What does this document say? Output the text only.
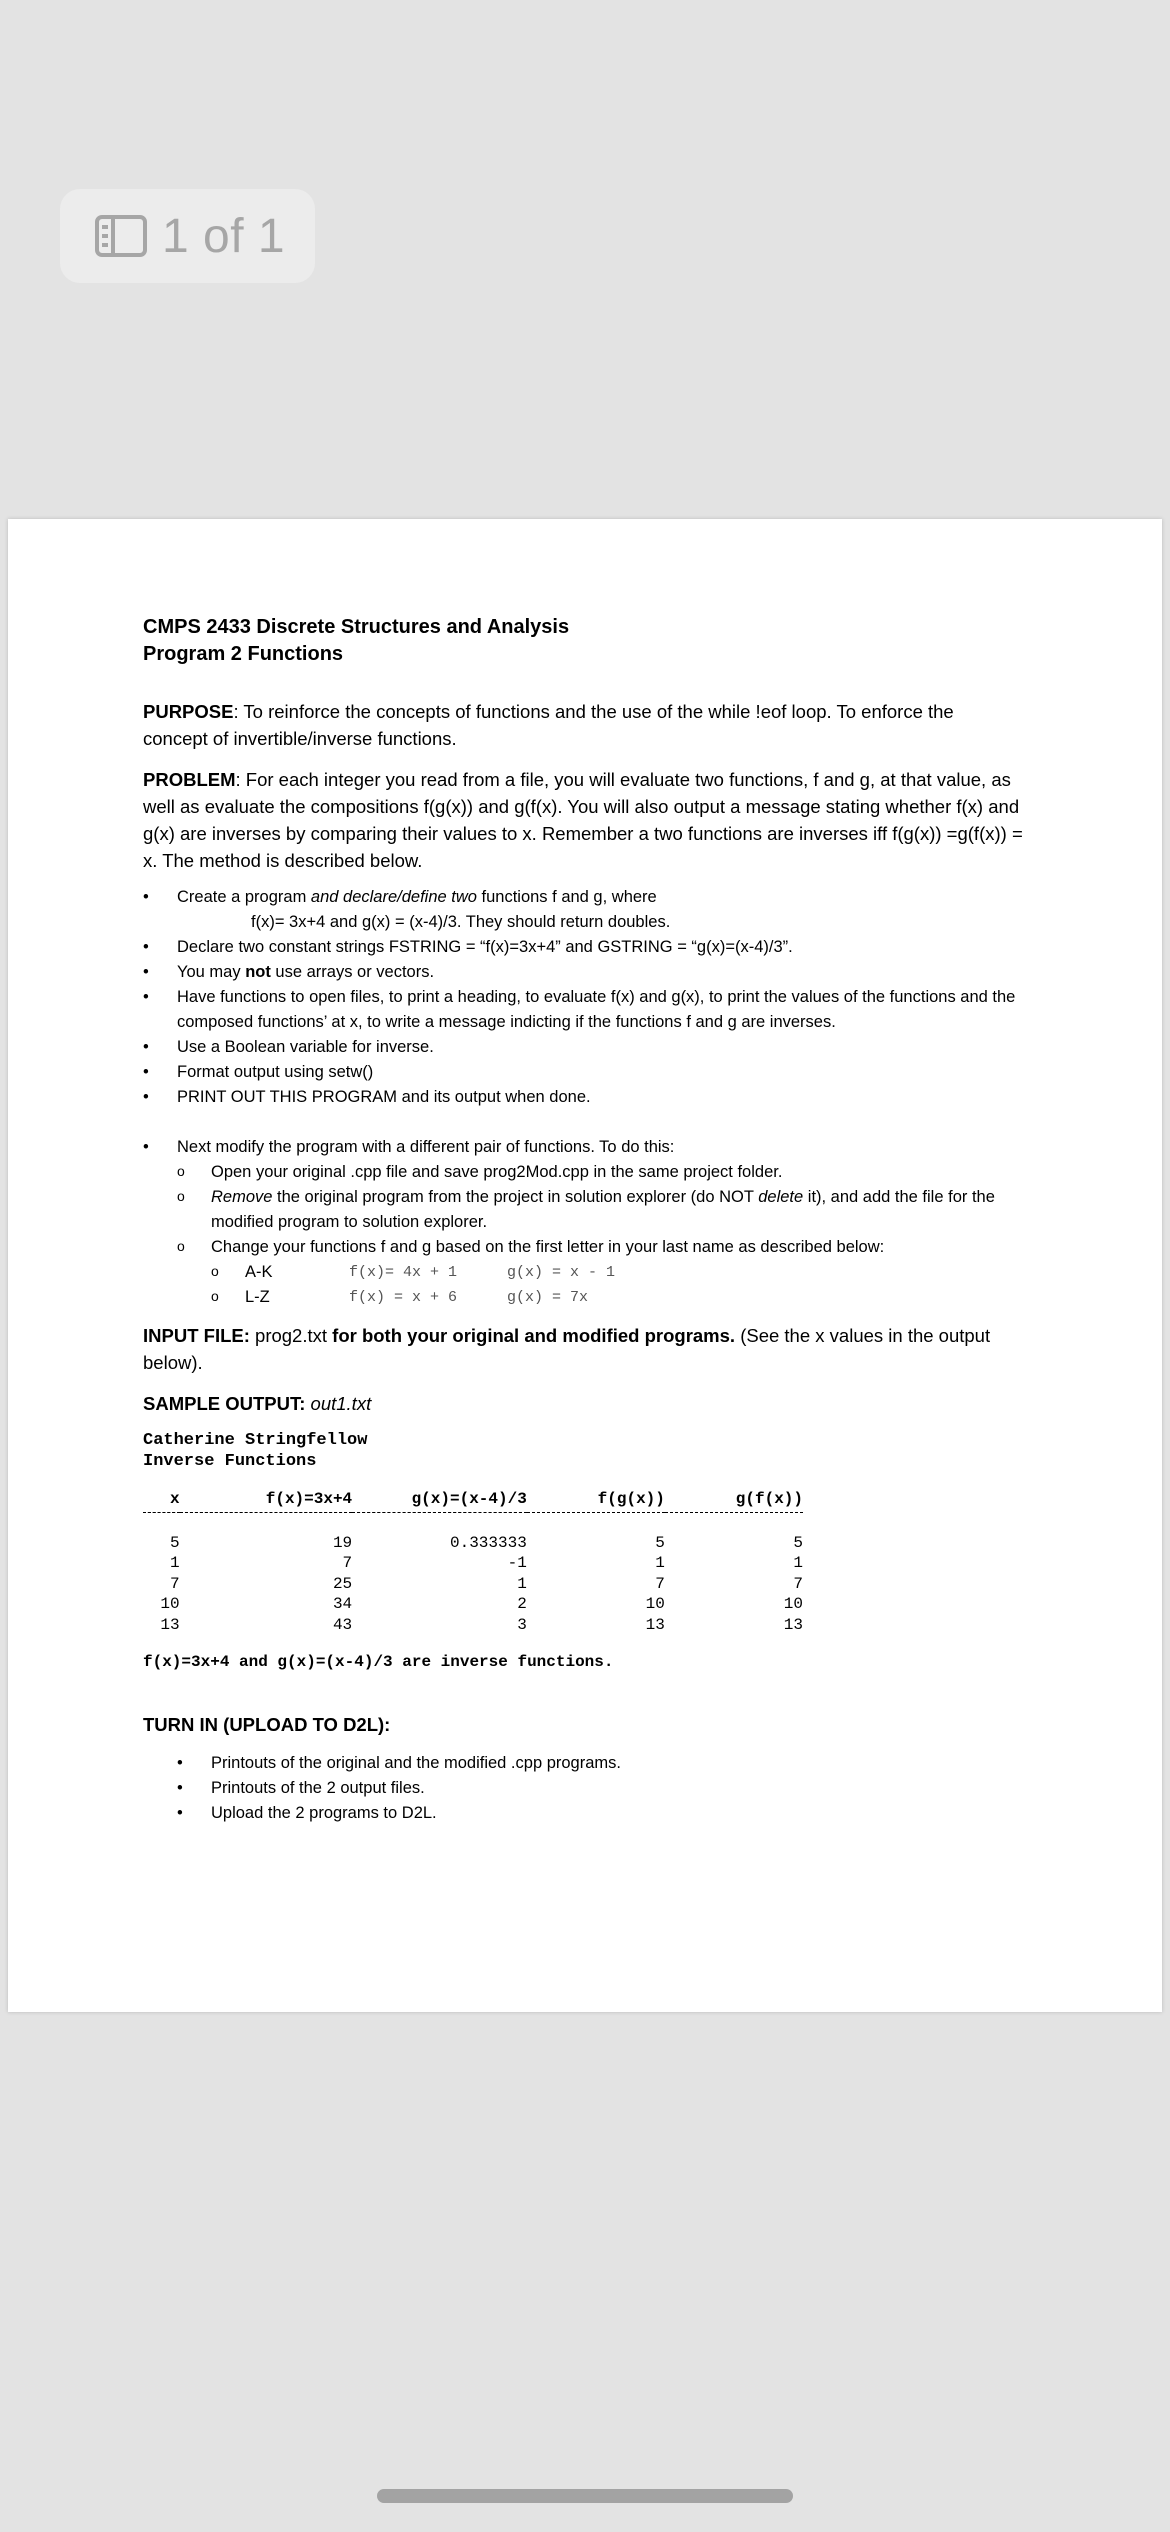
1 of 1
CMPS 2433 Discrete Structures and Analysis
Program 2 Functions
PURPOSE: To reinforce the concepts of functions and the use of the while !eof loop. To enforce the concept of invertible/inverse functions.
PROBLEM: For each integer you read from a file, you will evaluate two functions, f and g, at that value, as well as evaluate the compositions f(g(x)) and g(f(x). You will also output a message stating whether f(x) and g(x) are inverses by comparing their values to x. Remember a two functions are inverses iff f(g(x)) =g(f(x)) = x. The method is described below.
• Create a program and declare/define two functions f and g, where
f(x)= 3x+4 and g(x) = (x-4)/3. They should return doubles.
• Declare two constant strings FSTRING = “f(x)=3x+4” and GSTRING = “g(x)=(x-4)/3”.
• You may not use arrays or vectors.
• Have functions to open files, to print a heading, to evaluate f(x) and g(x), to print the values of the functions and the composed functions’ at x, to write a message indicting if the functions f and g are inverses.
• Use a Boolean variable for inverse.
• Format output using setw()
• PRINT OUT THIS PROGRAM and its output when done.
• Next modify the program with a different pair of functions. To do this:
o Open your original .cpp file and save prog2Mod.cpp in the same project folder.
o Remove the original program from the project in solution explorer (do NOT delete it), and add the file for the modified program to solution explorer.
o Change your functions f and g based on the first letter in your last name as described below:
o A-K	f(x)= 4x + 1	g(x) = x - 1
o L-Z	f(x) = x + 6	g(x) = 7x
INPUT FILE: prog2.txt for both your original and modified programs. (See the x values in the output below).
SAMPLE OUTPUT: out1.txt
Catherine Stringfellow
Inverse Functions
x	f(x)=3x+4	g(x)=(x-4)/3	f(g(x))	g(f(x))

5	19	0.333333	5	5
1	7	-1	1	1
7	25	1	7	7
10	34	2	10	10
13	43	3	13	13
f(x)=3x+4 and g(x)=(x-4)/3 are inverse functions.
TURN IN (UPLOAD TO D2L):
• Printouts of the original and the modified .cpp programs.
• Printouts of the 2 output files.
• Upload the 2 programs to D2L.
